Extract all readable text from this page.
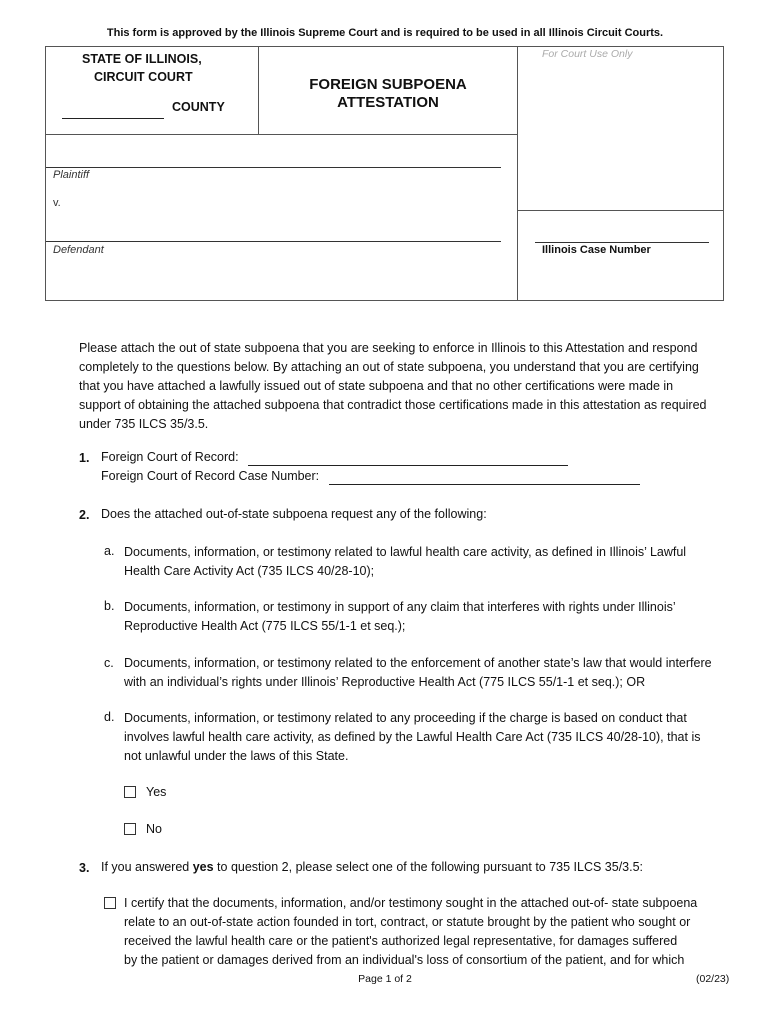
This form is approved by the Illinois Supreme Court and is required to be used in all Illinois Circuit Courts.
STATE OF ILLINOIS,
CIRCUIT COURT
COUNTY
FOREIGN SUBPOENA
ATTESTATION
For Court Use Only
Plaintiff
v.
Defendant	Illinois Case Number
Please attach the out of state subpoena that you are seeking to enforce in Illinois to this Attestation and respond
completely to the questions below. By attaching an out of state subpoena, you understand that you are certifying
that you have attached a lawfully issued out of state subpoena and that no other certifications were made in
support of obtaining the attached subpoena that contradict those certifications made in this attestation as required
under 735 ILCS 35/3.5.
1. Foreign Court of Record:
Foreign Court of Record Case Number:
2. Does the attached out-of-state subpoena request any of the following:
a. Documents, information, or testimony related to lawful health care activity, as defined in Illinois’ Lawful
Health Care Activity Act (735 ILCS 40/28-10);
b. Documents, information, or testimony in support of any claim that interferes with rights under Illinois’
Reproductive Health Act (775 ILCS 55/1-1 et seq.);
c. Documents, information, or testimony related to the enforcement of another state’s law that would interfere
with an individual’s rights under Illinois’ Reproductive Health Act (775 ILCS 55/1-1 et seq.); OR
d. Documents, information, or testimony related to any proceeding if the charge is based on conduct that
involves lawful health care activity, as defined by the Lawful Health Care Act (735 ILCS 40/28-10), that is
not unlawful under the laws of this State.
Yes
No
3. If you answered yes to question 2, please select one of the following pursuant to 735 ILCS 35/3.5:
I certify that the documents, information, and/or testimony sought in the attached out-of- state subpoena
relate to an out-of-state action founded in tort, contract, or statute brought by the patient who sought or
received the lawful health care or the patient's authorized legal representative, for damages suffered
by the patient or damages derived from an individual's loss of consortium of the patient, and for which
Page 1 of 2	(02/23)
